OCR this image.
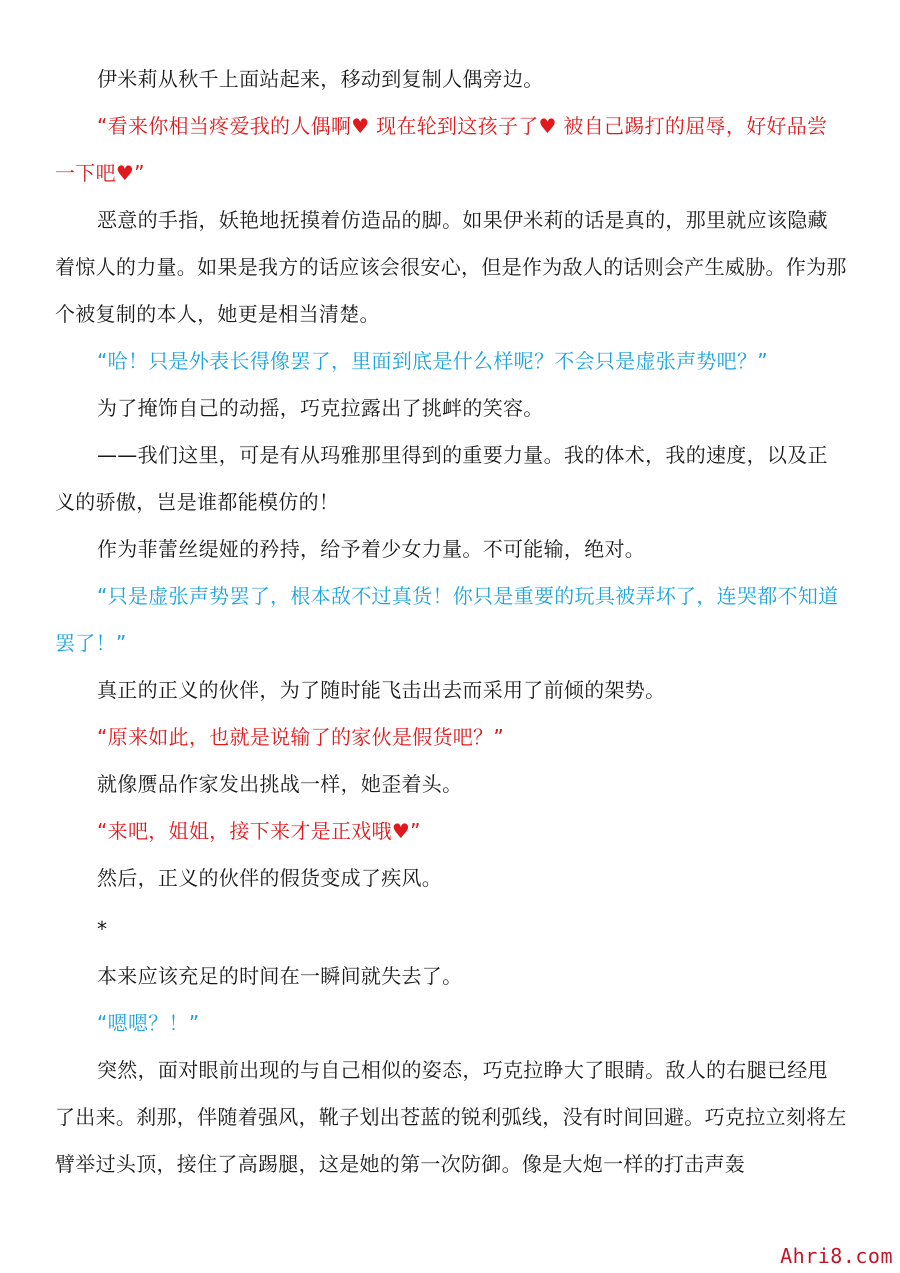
伊米莉从秋千上面站起来，移动到复制人偶旁边。

“看来你相当疼爱我的人偶啊♥ 现在轮到这孩子了♥ 被自己踢打的屈辱，好好品尝一下吧♥”

恶意的手指，妖艳地抚摸着仿造品的脚。如果伊米莉的话是真的，那里就应该隐藏着惊人的力量。如果是我方的话应该会很安心，但是作为敌人的话则会产生威胁。作为那个被复制的本人，她更是相当清楚。

“哈！只是外表长得像罢了，里面到底是什么样呢？不会只是虚张声势吧？”

为了掩饰自己的动摇，巧克拉露出了挑衅的笑容。

——我们这里，可是有从玛雅那里得到的重要力量。我的体术，我的速度，以及正义的骄傲，岂是谁都能模仿的！

作为菲蕾丝缇娅的矜持，给予着少女力量。不可能输，绝对。

“只是虚张声势罢了，根本敌不过真货！你只是重要的玩具被弄坏了，连哭都不知道罢了！”

真正的正义的伙伴，为了随时能飞击出去而采用了前倾的架势。

“原来如此，也就是说输了的家伙是假货吧？”

就像赝品作家发出挑战一样，她歪着头。

“来吧，姐姐，接下来才是正戏哦♥”

然后，正义的伙伴的假货变成了疾风。

*

本来应该充足的时间在一瞬间就失去了。

“嗯嗯？！”

突然，面对眼前出现的与自己相似的姿态，巧克拉睁大了眼睛。敌人的右腿已经甩了出来。刹那，伴随着强风，靴子划出苍蓝的锐利弧线，没有时间回避。巧克拉立刻将左臂举过头顶，接住了高踢腿，这是她的第一次防御。像是大炮一样的打击声轰

Ahri8.com
